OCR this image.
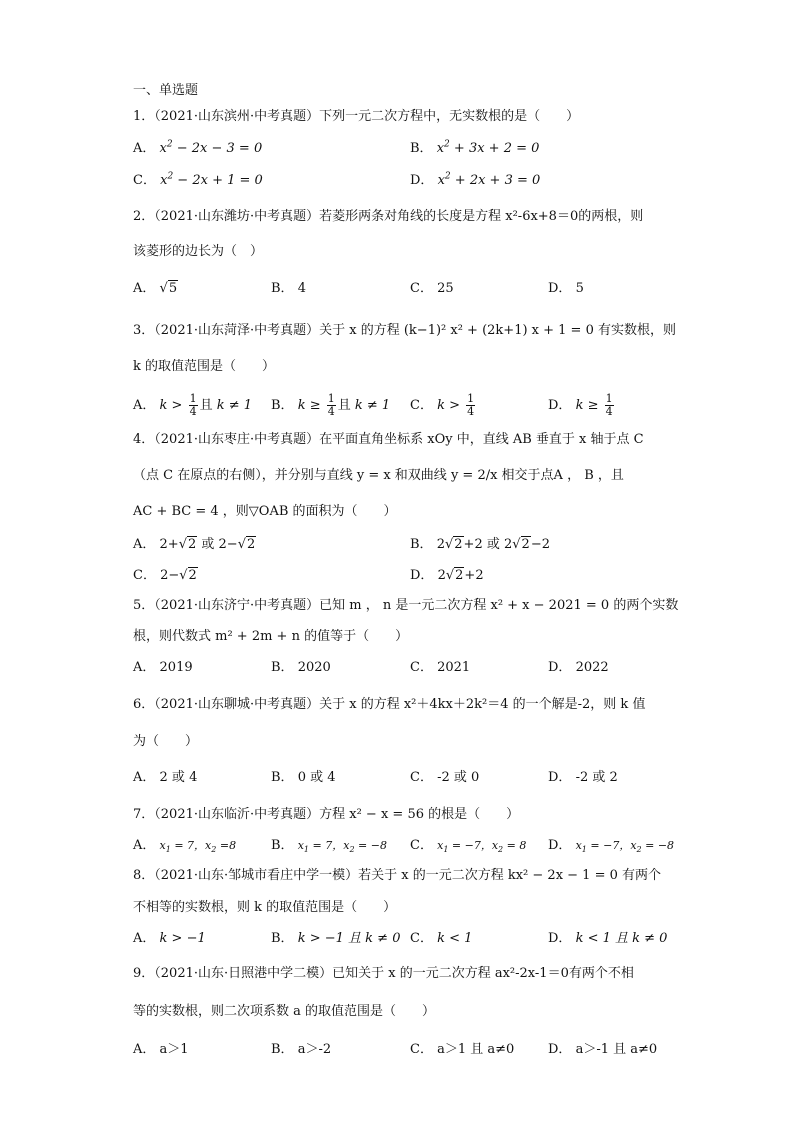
一、单选题
1．（2021·山东滨州·中考真题）下列一元二次方程中，无实数根的是（　　）
A． $x^2 - 2x - 3 = 0$	B． $x^2 + 3x + 2 = 0$
C． $x^2 - 2x + 1 = 0$	D． $x^2 + 2x + 3 = 0$
2．（2021·山东潍坊·中考真题）若菱形两条对角线的长度是方程 x²-6x+8＝0的两根，则
该菱形的边长为（　）
A． √5	B． 4	C． 25	D． 5
3．（2021·山东菏泽·中考真题）关于 x 的方程 (k−1)² x² + (2k+1) x + 1 = 0 有实数根，则
k 的取值范围是（　　）
A． $k > \frac{1}{4}$ 且 k ≠ 1 B． $k \ge \frac{1}{4}$ 且 k ≠ 1 C． $k > \frac{1}{4}$	D． $k \ge \frac{1}{4}$
4．（2021·山东枣庄·中考真题）在平面直角坐标系 xOy 中，直线 AB 垂直于 x 轴于点 C
（点 C 在原点的右侧），并分别与直线 y = x 和双曲线 y = 2/x 相交于点A ， B ，且
AC + BC = 4 ，则▽OAB 的面积为（　　）
A． 2+√2 或 2−√2	B． 2√2+2 或 2√2−2
C． 2−√2	D． 2√2+2
5．（2021·山东济宁·中考真题）已知 m ， n 是一元二次方程 x² + x − 2021 = 0 的两个实数
根，则代数式 m² + 2m + n 的值等于（　　）
A． 2019	B． 2020	C． 2021	D． 2022
6．（2021·山东聊城·中考真题）关于 x 的方程 x²＋4kx＋2k²＝4 的一个解是-2，则 k 值
为（　　）
A． 2 或 4	B． 0 或 4	C． -2 或 0	D． -2 或 2
7．（2021·山东临沂·中考真题）方程 x² − x = 56 的根是（　　）
A． $x_1 = 7$，$x_2 =8$	B． $x_1 = 7$，$x_2 = -8$ C． $x_1 = -7$，$x_2 = 8$ D． $x_1 = -7$，$x_2 = -8$
8．（2021·山东·邹城市看庄中学一模）若关于 x 的一元二次方程 kx² − 2x − 1 = 0 有两个
不相等的实数根，则 k 的取值范围是（　　）
A． k > −1	B． k > −1 且 k ≠ 0 C． k < 1	D． k < 1 且 k ≠ 0
9．（2021·山东·日照港中学二模）已知关于 x 的一元二次方程 ax²-2x-1＝0有两个不相
等的实数根，则二次项系数 a 的取值范围是（　　）
A． a＞1	B． a＞-2	C． a＞1 且 a≠0	D． a＞-1 且 a≠0
